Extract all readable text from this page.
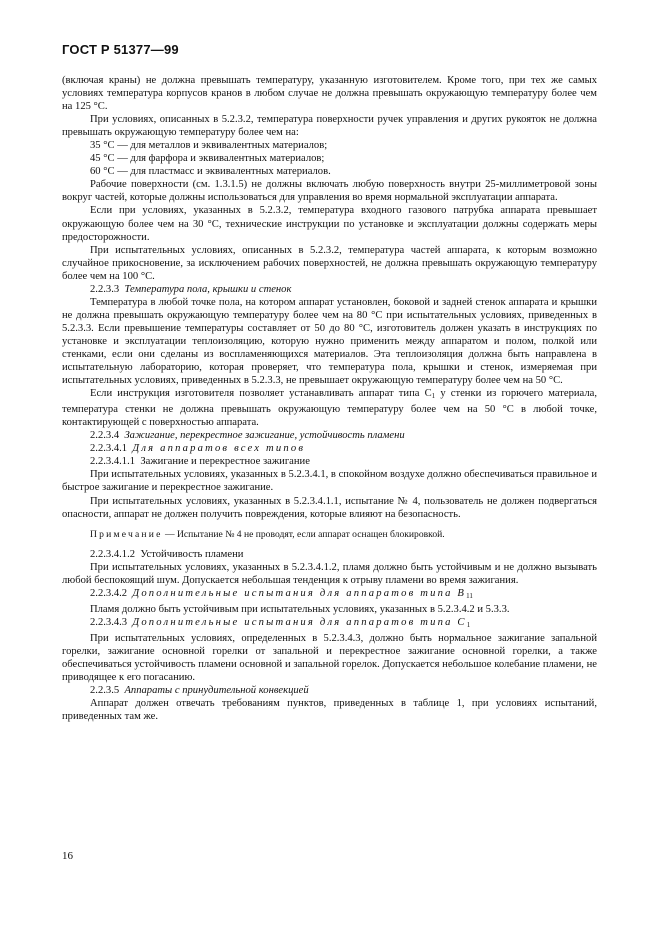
ГОСТ Р 51377—99

(включая краны) не должна превышать температуру, указанную изготовителем. Кроме того, при тех же самых условиях температура корпусов кранов в любом случае не должна превышать окружающую температуру более чем на 125 °С.

При условиях, описанных в 5.2.3.2, температура поверхности ручек управления и других рукояток не должна превышать окружающую температуру более чем на:

35 °С — для металлов и эквивалентных материалов;

45 °С — для фарфора и эквивалентных материалов;

60 °С — для пластмасс и эквивалентных материалов.

Рабочие поверхности (см. 1.3.1.5) не должны включать любую поверхность внутри 25-миллиметровой зоны вокруг частей, которые должны использоваться для управления во время нормальной эксплуатации аппарата.

Если при условиях, указанных в 5.2.3.2, температура входного газового патрубка аппарата превышает окружающую более чем на 30 °С, технические инструкции по установке и эксплуатации должны содержать меры предосторожности.

При испытательных условиях, описанных в 5.2.3.2, температура частей аппарата, к которым возможно случайное прикосновение, за исключением рабочих поверхностей, не должна превышать окружающую температуру более чем на 100 °С.

2.2.3.3 Температура пола, крышки и стенок

Температура в любой точке пола, на котором аппарат установлен, боковой и задней стенок аппарата и крышки не должна превышать окружающую температуру более чем на 80 °С при испытательных условиях, приведенных в 5.2.3.3. Если превышение температуры составляет от 50 до 80 °С, изготовитель должен указать в инструкциях по установке и эксплуатации теплоизоляцию, которую нужно применить между аппаратом и полом, полкой или стенками, если они сделаны из воспламеняющихся материалов. Эта теплоизоляция должна быть направлена в испытательную лабораторию, которая проверяет, что температура пола, крышки и стенок, измеряемая при испытательных условиях, приведенных в 5.2.3.3, не превышает окружающую температуру более чем на 50 °С.

Если инструкция изготовителя позволяет устанавливать аппарат типа $С_1$ у стенки из горючего материала, температура стенки не должна превышать окружающую температуру более чем на 50 °С в любой точке, контактирующей с поверхностью аппарата.

2.2.3.4 Зажигание, перекрестное зажигание, устойчивость пламени

2.2.3.4.1 Для аппаратов всех типов

2.2.3.4.1.1 Зажигание и перекрестное зажигание

При испытательных условиях, указанных в 5.2.3.4.1, в спокойном воздухе должно обеспечиваться правильное и быстрое зажигание и перекрестное зажигание.

При испытательных условиях, указанных в 5.2.3.4.1.1, испытание № 4, пользователь не должен подвергаться опасности, аппарат не должен получить повреждения, которые влияют на безопасность.

Примечание — Испытание № 4 не проводят, если аппарат оснащен блокировкой.

2.2.3.4.1.2 Устойчивость пламени

При испытательных условиях, указанных в 5.2.3.4.1.2, пламя должно быть устойчивым и не должно вызывать любой беспокоящий шум. Допускается небольшая тенденция к отрыву пламени во время зажигания.

2.2.3.4.2 Дополнительные испытания для аппаратов типа $В_{11}$

Пламя должно быть устойчивым при испытательных условиях, указанных в 5.2.3.4.2 и 5.3.3.

2.2.3.4.3 Дополнительные испытания для аппаратов типа $С_1$

При испытательных условиях, определенных в 5.2.3.4.3, должно быть нормальное зажигание запальной горелки, зажигание основной горелки от запальной и перекрестное зажигание основной горелки, а также обеспечиваться устойчивость пламени основной и запальной горелок. Допускается небольшое колебание пламени, не приводящее к его погасанию.

2.2.3.5 Аппараты с принудительной конвекцией

Аппарат должен отвечать требованиям пунктов, приведенных в таблице 1, при условиях испытаний, приведенных там же.

16
